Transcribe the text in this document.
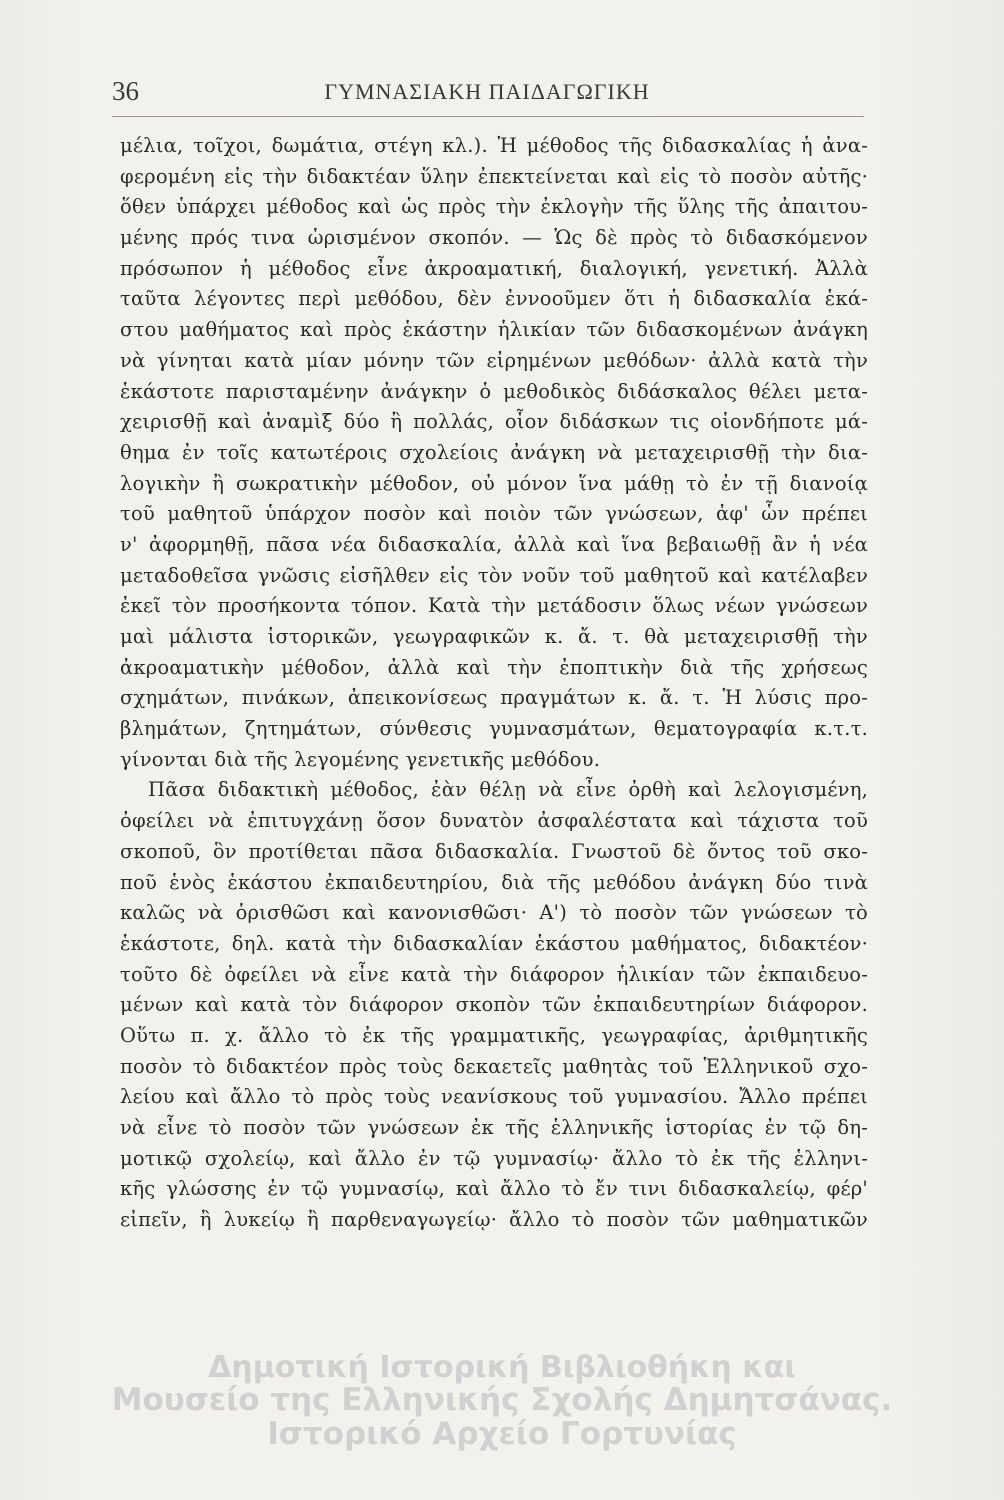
36	ΓΥΜΝΑΣΙΑΚΗ ΠΑΙΔΑΓΩΓΙΚΗ
μέλια, τοῖχοι, δωμάτια, στέγη κλ.). Ἡ μέθοδος τῆς διδασκαλίας ἡ ἀνα-
φερομένη εἰς τὴν διδακτέαν ὕλην ἐπεκτείνεται καὶ εἰς τὸ ποσὸν αὐτῆς·
ὅθεν ὑπάρχει μέθοδος καὶ ὡς πρὸς τὴν ἐκλογὴν τῆς ὕλης τῆς ἀπαιτου-
μένης πρός τινα ὡρισμένον σκοπόν. — Ὡς δὲ πρὸς τὸ διδασκόμενον
πρόσωπον ἡ μέθοδος εἶνε ἀκροαματική, διαλογική, γενετική. Ἀλλὰ
ταῦτα λέγοντες περὶ μεθόδου, δὲν ἐννοοῦμεν ὅτι ἡ διδασκαλία ἑκά-
στου μαθήματος καὶ πρὸς ἑκάστην ἡλικίαν τῶν διδασκομένων ἀνάγκη
νὰ γίνηται κατὰ μίαν μόνην τῶν εἰρημένων μεθόδων· ἀλλὰ κατὰ τὴν
ἑκάστοτε παρισταμένην ἀνάγκην ὁ μεθοδικὸς διδάσκαλος θέλει μετα-
χειρισθῇ καὶ ἀναμὶξ δύο ἢ πολλάς, οἷον διδάσκων τις οἱονδήποτε μά-
θημα ἐν τοῖς κατωτέροις σχολείοις ἀνάγκη νὰ μεταχειρισθῇ τὴν δια-
λογικὴν ἢ σωκρατικὴν μέθοδον, οὐ μόνον ἵνα μάθῃ τὸ ἐν τῇ διανοίᾳ
τοῦ μαθητοῦ ὑπάρχον ποσὸν καὶ ποιὸν τῶν γνώσεων, ἀφ' ὧν πρέπει
ν' ἀφορμηθῇ, πᾶσα νέα διδασκαλία, ἀλλὰ καὶ ἵνα βεβαιωθῇ ἂν ἡ νέα
μεταδοθεῖσα γνῶσις εἰσῆλθεν εἰς τὸν νοῦν τοῦ μαθητοῦ καὶ κατέλαβεν
ἐκεῖ τὸν προσήκοντα τόπον. Κατὰ τὴν μετάδοσιν ὅλως νέων γνώσεων
μαὶ μάλιστα ἱστορικῶν, γεωγραφικῶν κ. ἄ. τ. θὰ μεταχειρισθῇ τὴν
ἀκροαματικὴν μέθοδον, ἀλλὰ καὶ τὴν ἐποπτικὴν διὰ τῆς χρήσεως
σχημάτων, πινάκων, ἀπεικονίσεως πραγμάτων κ. ἄ. τ. Ἡ λύσις προ-
βλημάτων, ζητημάτων, σύνθεσις γυμνασμάτων, θεματογραφία κ.τ.τ.
γίνονται διὰ τῆς λεγομένης γενετικῆς μεθόδου.
Πᾶσα διδακτικὴ μέθοδος, ἐὰν θέλῃ νὰ εἶνε ὀρθὴ καὶ λελογισμένη,
ὀφείλει νὰ ἐπιτυγχάνῃ ὅσον δυνατὸν ἀσφαλέστατα καὶ τάχιστα τοῦ
σκοποῦ, ὃν προτίθεται πᾶσα διδασκαλία. Γνωστοῦ δὲ ὄντος τοῦ σκο-
ποῦ ἑνὸς ἑκάστου ἐκπαιδευτηρίου, διὰ τῆς μεθόδου ἀνάγκη δύο τινὰ
καλῶς νὰ ὁρισθῶσι καὶ κανονισθῶσι· Α') τὸ ποσὸν τῶν γνώσεων τὸ
ἑκάστοτε, δηλ. κατὰ τὴν διδασκαλίαν ἑκάστου μαθήματος, διδακτέον·
τοῦτο δὲ ὀφείλει νὰ εἶνε κατὰ τὴν διάφορον ἡλικίαν τῶν ἐκπαιδευο-
μένων καὶ κατὰ τὸν διάφορον σκοπὸν τῶν ἐκπαιδευτηρίων διάφορον.
Οὕτω π. χ. ἄλλο τὸ ἐκ τῆς γραμματικῆς, γεωγραφίας, ἀριθμητικῆς
ποσὸν τὸ διδακτέον πρὸς τοὺς δεκαετεῖς μαθητὰς τοῦ Ἑλληνικοῦ σχο-
λείου καὶ ἄλλο τὸ πρὸς τοὺς νεανίσκους τοῦ γυμνασίου. Ἄλλο πρέπει
νὰ εἶνε τὸ ποσὸν τῶν γνώσεων ἐκ τῆς ἑλληνικῆς ἱστορίας ἐν τῷ δη-
μοτικῷ σχολείῳ, καὶ ἄλλο ἐν τῷ γυμνασίῳ· ἄλλο τὸ ἐκ τῆς ἑλληνι-
κῆς γλώσσης ἐν τῷ γυμνασίῳ, καὶ ἄλλο τὸ ἔν τινι διδασκαλείῳ, φέρ'
εἰπεῖν, ἢ λυκείῳ ἢ παρθεναγωγείῳ· ἄλλο τὸ ποσὸν τῶν μαθηματικῶν
Δημοτική Ιστορική Βιβλιοθήκη και
Μουσείο της Ελληνικής Σχολής Δημητσάνας.
Ιστορικό Αρχείο Γορτυνίας
